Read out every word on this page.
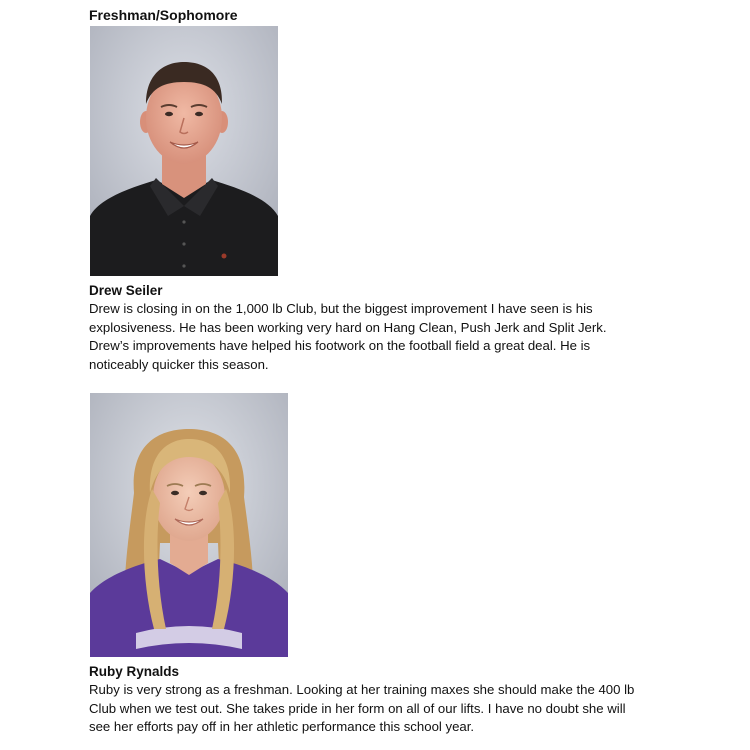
Freshman/Sophomore
Drew Seiler

Drew is closing in on the 1,000 lb Club, but the biggest improvement I have seen is his
explosiveness. He has been working very hard on Hang Clean, Push Jerk and Split Jerk.
Drew’s improvements have helped his footwork on the football field a great deal. He is
noticeably quicker this season.

Ruby Rynalds

Ruby is very strong as a freshman. Looking at her training maxes she should make the 400 lb
Club when we test out. She takes pride in her form on all of our lifts. I have no doubt she will
see her efforts pay off in her athletic performance this school year.
